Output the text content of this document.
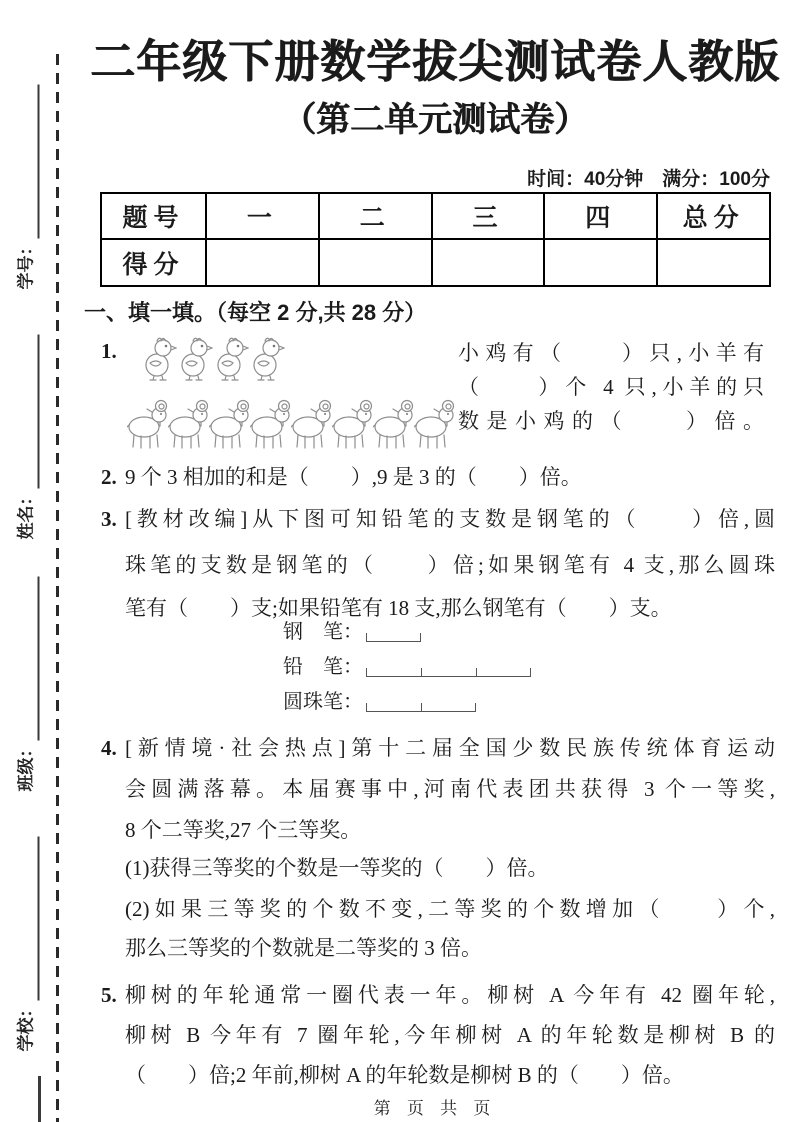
学号：
姓名：
班级：
学校：
二年级下册数学拔尖测试卷人教版
（第二单元测试卷）
时间：40分钟　满分：100分
题号	一	二	三	四	总分
得分
一、填一填。（每空 2 分,共 28 分）
1.	小鸡有（　　）只,小羊有
（　　）个 4 只,小羊的只
数是小鸡的（　　）倍。
2. 9 个 3 相加的和是（　　）,9 是 3 的（　　）倍。
3. [教材改编]从下图可知铅笔的支数是钢笔的（　　）倍,圆
珠笔的支数是钢笔的（　　）倍;如果钢笔有 4 支,那么圆珠
笔有（　　）支;如果铅笔有 18 支,那么钢笔有（　　）支。
钢　笔：
铅　笔：
圆珠笔：
4. [新情境·社会热点]第十二届全国少数民族传统体育运动
会圆满落幕。本届赛事中,河南代表团共获得 3 个一等奖,
8 个二等奖,27 个三等奖。
(1)获得三等奖的个数是一等奖的（　　）倍。
(2)如果三等奖的个数不变,二等奖的个数增加（　　）个,
那么三等奖的个数就是二等奖的 3 倍。
5. 柳树的年轮通常一圈代表一年。柳树 A 今年有 42 圈年轮,
柳树 B 今年有 7 圈年轮,今年柳树 A 的年轮数是柳树 B 的
（　　）倍;2 年前,柳树 A 的年轮数是柳树 B 的（　　）倍。
第 页 共 页
